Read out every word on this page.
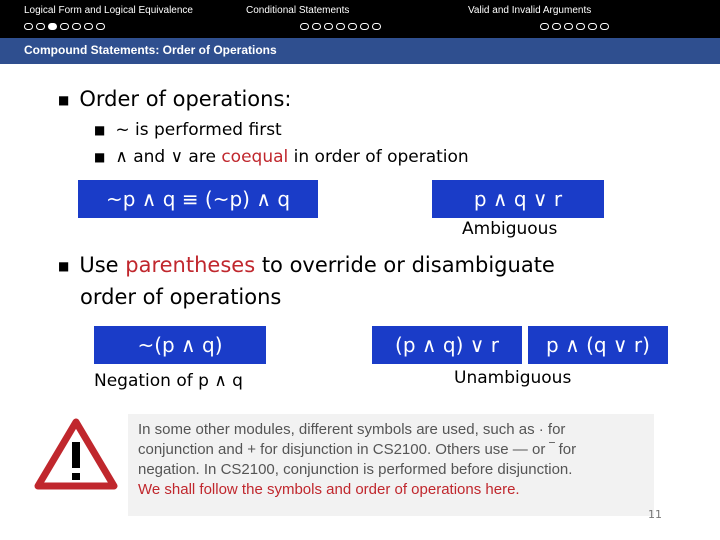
Logical Form and Logical Equivalence	Conditional Statements	Valid and Invalid Arguments
Compound Statements: Order of Operations
■ Order of operations:
■ ~ is performed first
■ ∧ and ∨ are coequal in order of operation
~p ∧ q ≡ (~p) ∧ q	p ∧ q ∨ r
Ambiguous
■ Use parentheses to override or disambiguate
order of operations
~(p ∧ q)
Negation of p ∧ q
(p ∧ q) ∨ r	p ∧ (q ∨ r)
Unambiguous
In some other modules, different symbols are used, such as · for
conjunction and + for disjunction in CS2100. Others use — or ‾ for
negation. In CS2100, conjunction is performed before disjunction.
We shall follow the symbols and order of operations here.
11
